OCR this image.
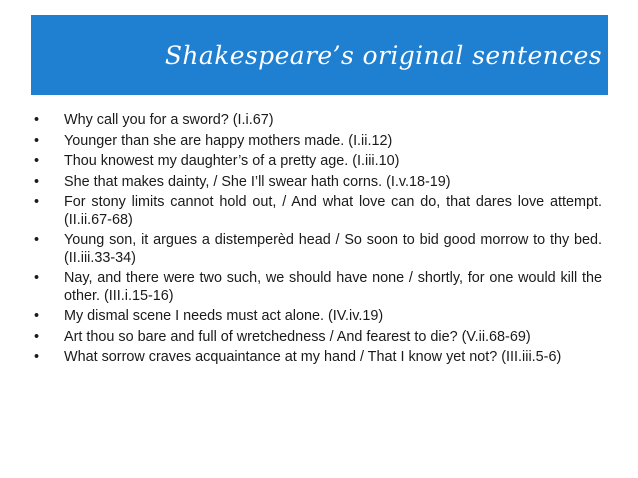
Shakespeare’s original sentences
•	Why call you for a sword? (I.i.67)
•	Younger than she are happy mothers made. (I.ii.12)
•	Thou knowest my daughter’s of a pretty age. (I.iii.10)
•	She that makes dainty, / She I’ll swear hath corns. (I.v.18-19)
•	For stony limits cannot hold out, / And what love can do, that dares love attempt. (II.ii.67-68)
•	Young son, it argues a distemperèd head / So soon to bid good morrow to thy bed. (II.iii.33-34)
•	Nay, and there were two such, we should have none / shortly, for one would kill the other. (III.i.15-16)
•	My dismal scene I needs must act alone. (IV.iv.19)
•	Art thou so bare and full of wretchedness / And fearest to die? (V.ii.68-69)
•	What sorrow craves acquaintance at my hand / That I know yet not? (III.iii.5-6)
